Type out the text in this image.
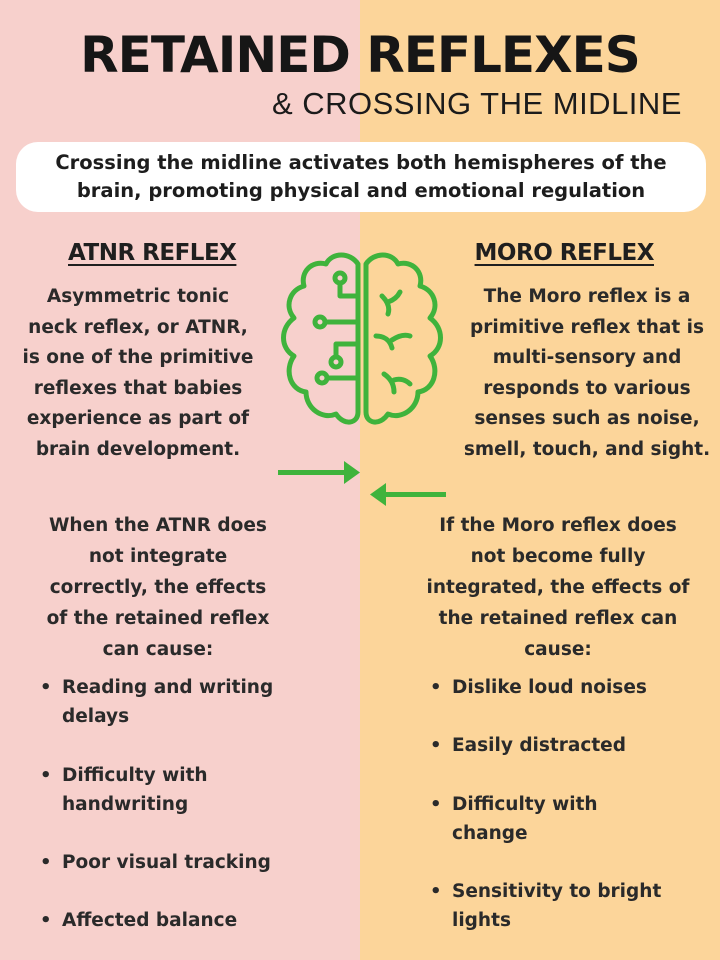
RETAINED REFLEXES
& CROSSING THE MIDLINE
Crossing the midline activates both hemispheres of the brain, promoting physical and emotional regulation
ATNR REFLEX	MORO REFLEX
Asymmetric tonic
neck reflex, or ATNR,
is one of the primitive
reflexes that babies
experience as part of
brain development.
The Moro reflex is a
primitive reflex that is
multi-sensory and
responds to various
senses such as noise,
smell, touch, and sight.
When the ATNR does
not integrate
correctly, the effects
of the retained reflex
can cause:
If the Moro reflex does
not become fully
integrated, the effects of
the retained reflex can
cause:
• Reading and writing
delays
• Difficulty with
handwriting
• Poor visual tracking
• Affected balance
• Dislike loud noises
• Easily distracted
• Difficulty with
change
• Sensitivity to bright
lights
